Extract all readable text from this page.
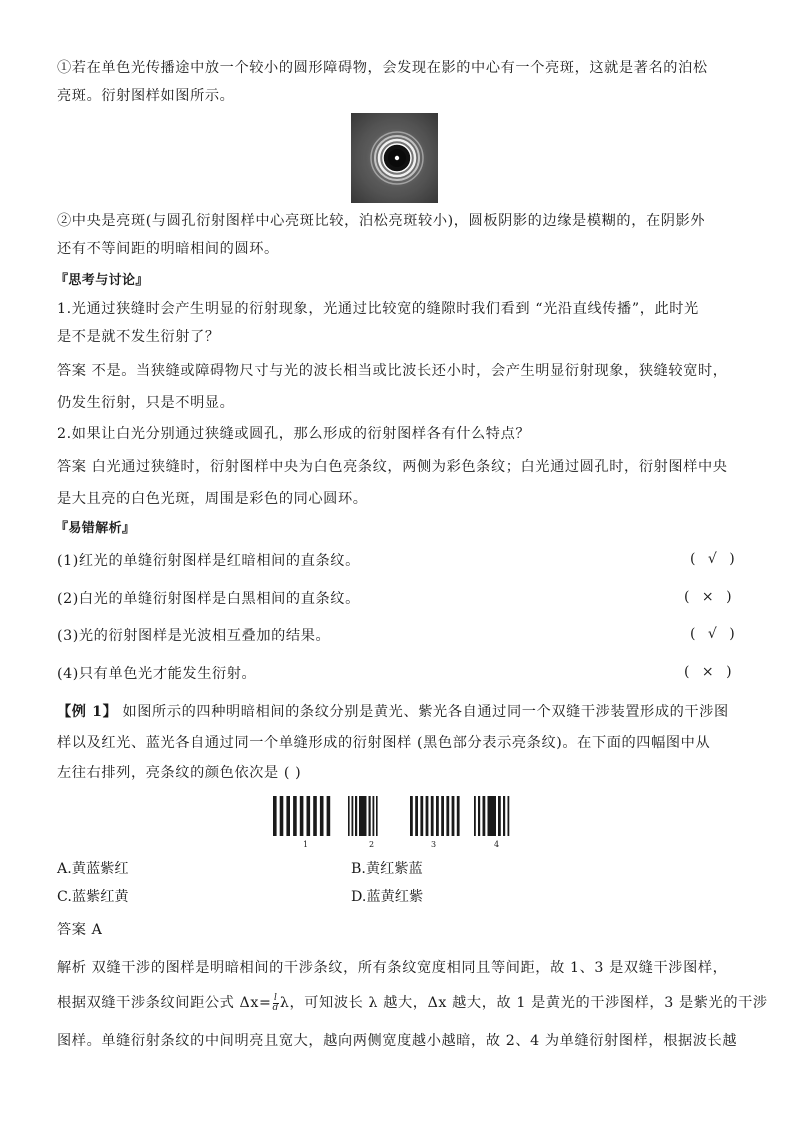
①若在单色光传播途中放一个较小的圆形障碍物，会发现在影的中心有一个亮斑，这就是著名的泊松
亮斑。衍射图样如图所示。
②中央是亮斑(与圆孔衍射图样中心亮斑比较，泊松亮斑较小)，圆板阴影的边缘是模糊的，在阴影外
还有不等间距的明暗相间的圆环。
『思考与讨论』
1.光通过狭缝时会产生明显的衍射现象，光通过比较宽的缝隙时我们看到 “光沿直线传播”，此时光
是不是就不发生衍射了？
答案 不是。当狭缝或障碍物尺寸与光的波长相当或比波长还小时，会产生明显衍射现象，狭缝较宽时，
仍发生衍射，只是不明显。
2.如果让白光分别通过狭缝或圆孔，那么形成的衍射图样各有什么特点？
答案 白光通过狭缝时，衍射图样中央为白色亮条纹，两侧为彩色条纹；白光通过圆孔时，衍射图样中央
是大且亮的白色光斑，周围是彩色的同心圆环。
『易错解析』
(1)红光的单缝衍射图样是红暗相间的直条纹。	( √ )
(2)白光的单缝衍射图样是白黑相间的直条纹。	( × )
(3)光的衍射图样是光波相互叠加的结果。	( √ )
(4)只有单色光才能发生衍射。	( × )
【例 1】 如图所示的四种明暗相间的条纹分别是黄光、紫光各自通过同一个双缝干涉装置形成的干涉图
样以及红光、蓝光各自通过同一个单缝形成的衍射图样 (黑色部分表示亮条纹)。在下面的四幅图中从
左往右排列，亮条纹的颜色依次是 ( )
1	2	3	4
A.黄蓝紫红	B.黄红紫蓝
C.蓝紫红黄	D.蓝黄红紫
答案 A
解析 双缝干涉的图样是明暗相间的干涉条纹，所有条纹宽度相同且等间距，故 1、3 是双缝干涉图样，
根据双缝干涉条纹间距公式 $\Delta x= \frac{l}{d}$ λ，可知波长 λ 越大，Δx 越大，故 1 是黄光的干涉图样，3 是紫光的干涉
图样。单缝衍射条纹的中间明亮且宽大，越向两侧宽度越小越暗，故 2、4 为单缝衍射图样，根据波长越
